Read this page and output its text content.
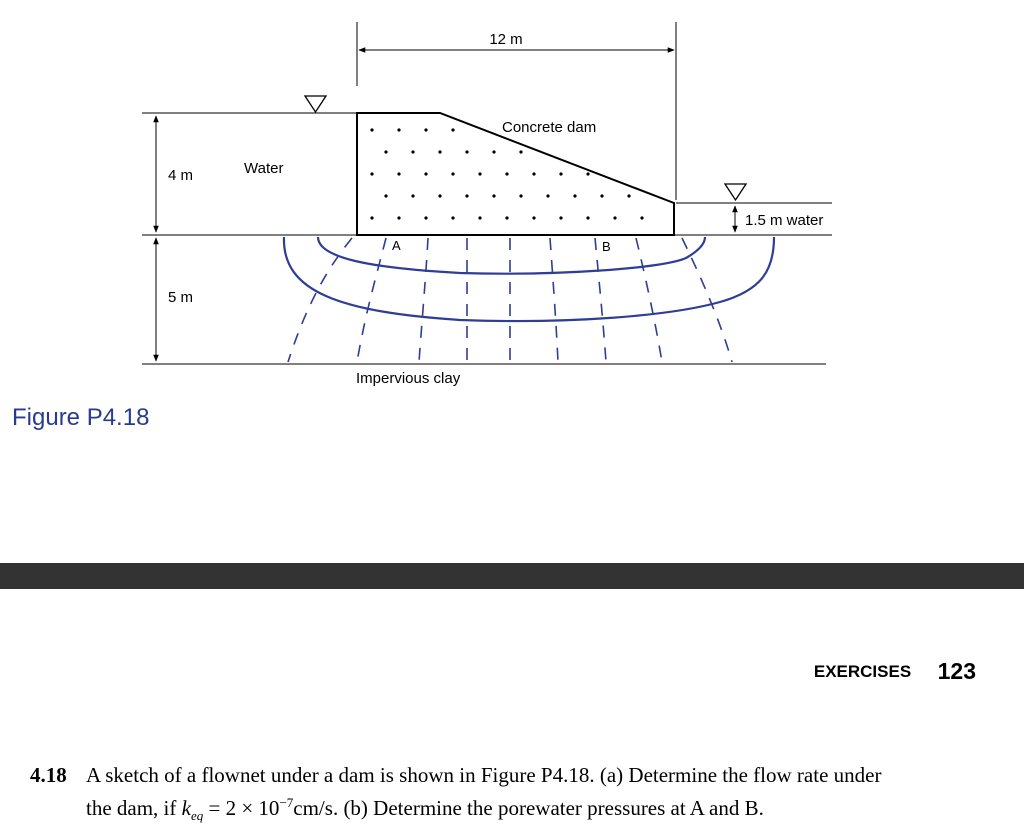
12 m
Water
4 m
5 m
1.5 m water
Concrete dam
A	B
Impervious clay
Figure P4.18
EXERCISES 123
4.18 A sketch of a flownet under a dam is shown in Figure P4.18. (a) Determine the flow rate under
the dam, if $k_{eq} = 2 \times 10^{-7}cm/s$. (b) Determine the porewater pressures at A and B.
